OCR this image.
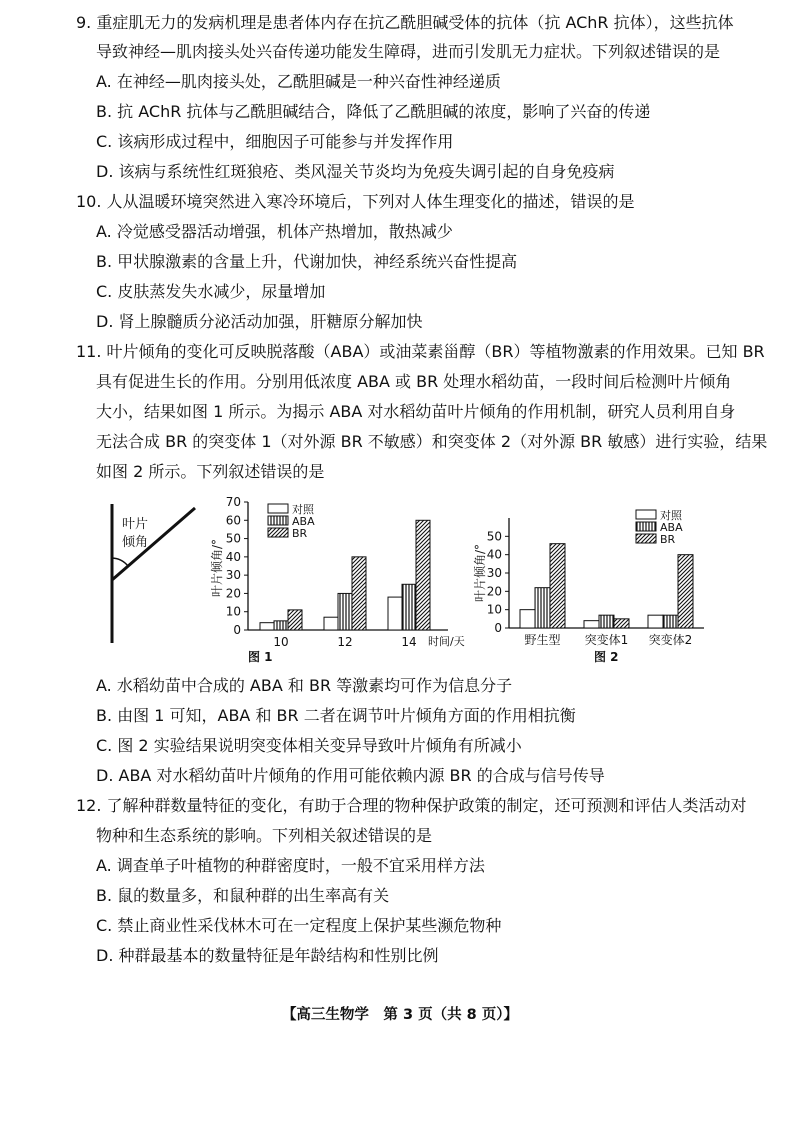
9. 重症肌无力的发病机理是患者体内存在抗乙酰胆碱受体的抗体（抗 AChR 抗体），这些抗体
导致神经—肌肉接头处兴奋传递功能发生障碍，进而引发肌无力症状。下列叙述错误的是
A. 在神经—肌肉接头处，乙酰胆碱是一种兴奋性神经递质
B. 抗 AChR 抗体与乙酰胆碱结合，降低了乙酰胆碱的浓度，影响了兴奋的传递
C. 该病形成过程中，细胞因子可能参与并发挥作用
D. 该病与系统性红斑狼疮、类风湿关节炎均为免疫失调引起的自身免疫病
10. 人从温暖环境突然进入寒冷环境后，下列对人体生理变化的描述，错误的是
A. 冷觉感受器活动增强，机体产热增加，散热减少
B. 甲状腺激素的含量上升，代谢加快，神经系统兴奋性提高
C. 皮肤蒸发失水减少，尿量增加
D. 肾上腺髓质分泌活动加强，肝糖原分解加快
11. 叶片倾角的变化可反映脱落酸（ABA）或油菜素甾醇（BR）等植物激素的作用效果。已知 BR
具有促进生长的作用。分别用低浓度 ABA 或 BR 处理水稻幼苗，一段时间后检测叶片倾角
大小，结果如图 1 所示。为揭示 ABA 对水稻幼苗叶片倾角的作用机制，研究人员利用自身
无法合成 BR 的突变体 1（对外源 BR 不敏感）和突变体 2（对外源 BR 敏感）进行实验，结果
如图 2 所示。下列叙述错误的是
叶片
倾角	叶片倾角/°
时间/天
图 1
0
10
20
30
40
50
60
70
10	12	14
对照
ABA
BR
叶片倾角/°
图 2
0
10
20
30
40
50
野生型 突变体1 突变体2
对照
ABA
BR
A. 水稻幼苗中合成的 ABA 和 BR 等激素均可作为信息分子
B. 由图 1 可知，ABA 和 BR 二者在调节叶片倾角方面的作用相抗衡
C. 图 2 实验结果说明突变体相关变异导致叶片倾角有所减小
D. ABA 对水稻幼苗叶片倾角的作用可能依赖内源 BR 的合成与信号传导
12. 了解种群数量特征的变化，有助于合理的物种保护政策的制定，还可预测和评估人类活动对
物种和生态系统的影响。下列相关叙述错误的是
A. 调查单子叶植物的种群密度时，一般不宜采用样方法
B. 鼠的数量多，和鼠种群的出生率高有关
C. 禁止商业性采伐林木可在一定程度上保护某些濒危物种
D. 种群最基本的数量特征是年龄结构和性别比例
【高三生物学　第 3 页（共 8 页）】
